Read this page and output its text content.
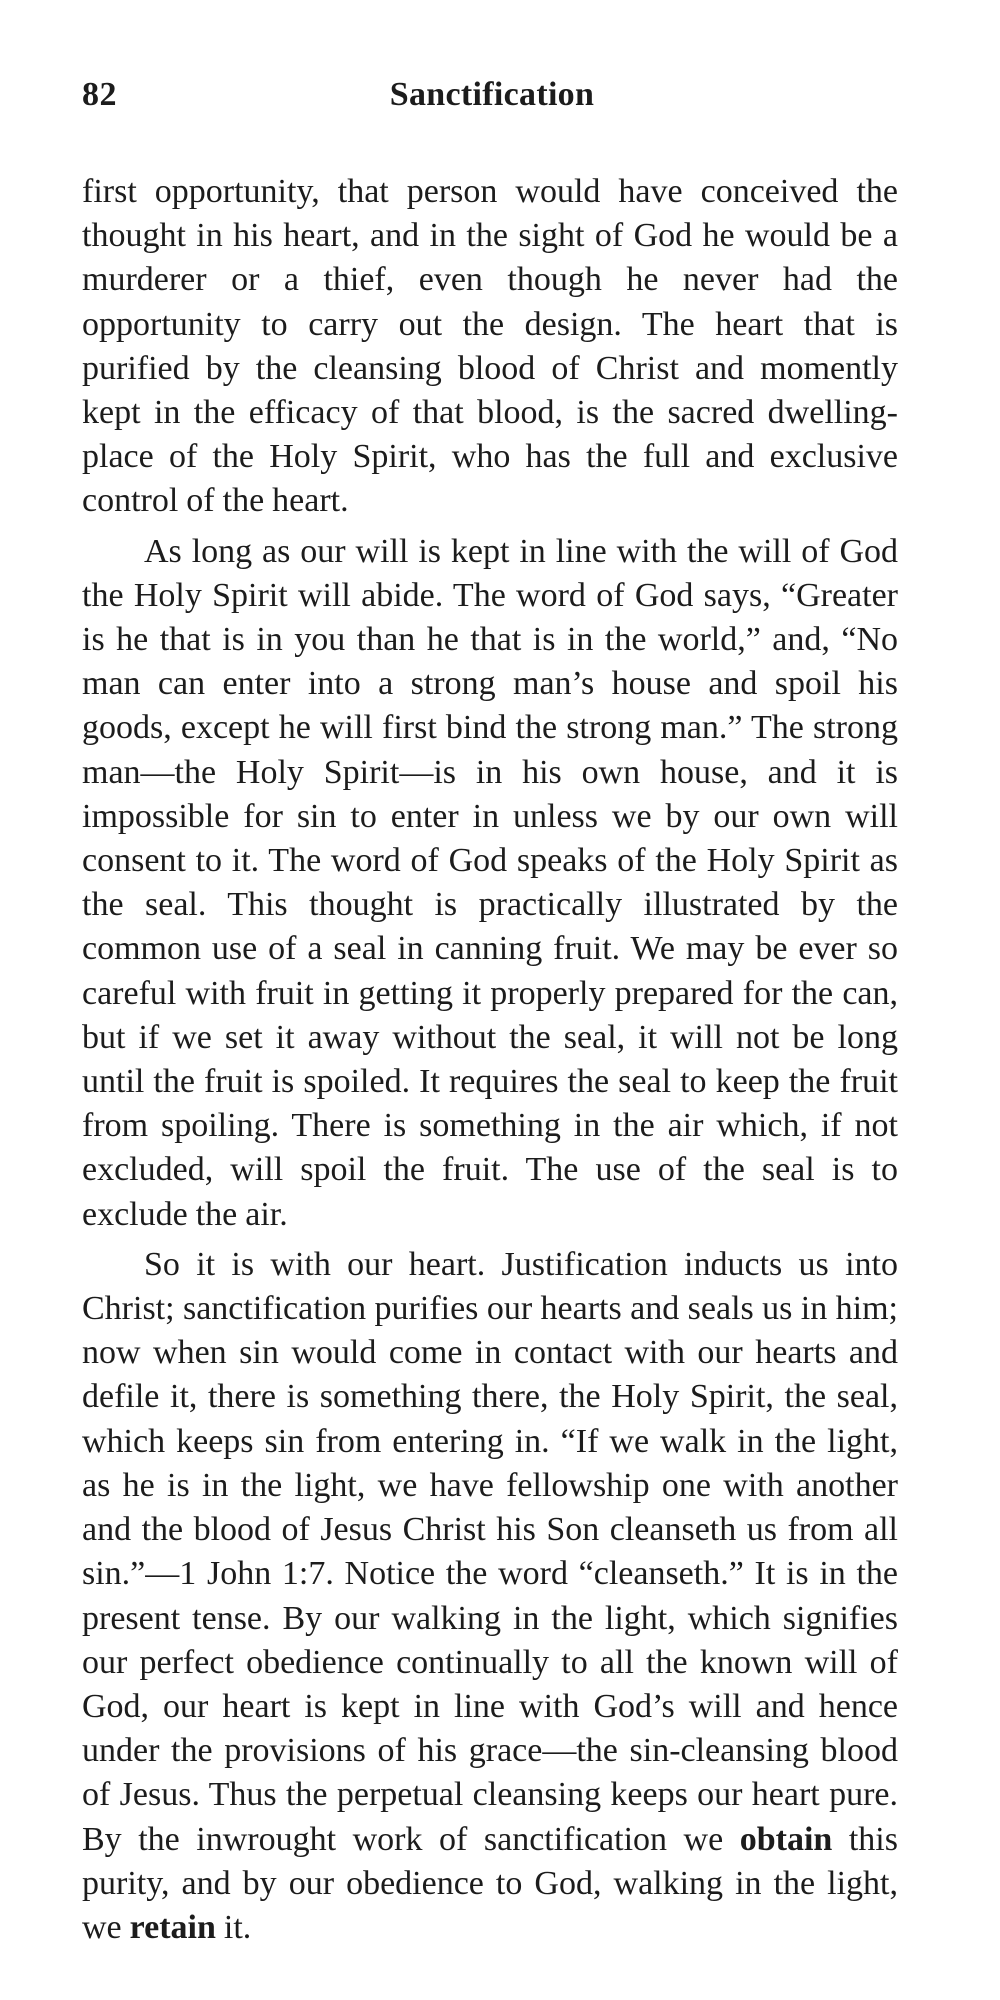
82	Sanctification

first opportunity, that person would have conceived the thought in his heart, and in the sight of God he would be a murderer or a thief, even though he never had the opportunity to carry out the design. The heart that is purified by the cleansing blood of Christ and momently kept in the efficacy of that blood, is the sacred dwelling-place of the Holy Spirit, who has the full and exclusive control of the heart.

As long as our will is kept in line with the will of God the Holy Spirit will abide. The word of God says, “Greater is he that is in you than he that is in the world,” and, “No man can enter into a strong man’s house and spoil his goods, except he will first bind the strong man.” The strong man—the Holy Spirit—is in his own house, and it is impossible for sin to enter in unless we by our own will consent to it. The word of God speaks of the Holy Spirit as the seal. This thought is practically illustrated by the common use of a seal in canning fruit. We may be ever so careful with fruit in getting it properly prepared for the can, but if we set it away without the seal, it will not be long until the fruit is spoiled. It requires the seal to keep the fruit from spoiling. There is something in the air which, if not excluded, will spoil the fruit. The use of the seal is to exclude the air.

So it is with our heart. Justification inducts us into Christ; sanctification purifies our hearts and seals us in him; now when sin would come in contact with our hearts and defile it, there is something there, the Holy Spirit, the seal, which keeps sin from entering in. “If we walk in the light, as he is in the light, we have fellowship one with another and the blood of Jesus Christ his Son cleanseth us from all sin.”—1 John 1:7. Notice the word “cleanseth.” It is in the present tense. By our walking in the light, which signifies our perfect obedience continually to all the known will of God, our heart is kept in line with God’s will and hence under the provisions of his grace—the sin-cleansing blood of Jesus. Thus the perpetual cleansing keeps our heart pure. By the inwrought work of sanctification we obtain this purity, and by our obedience to God, walking in the light, we retain it.
